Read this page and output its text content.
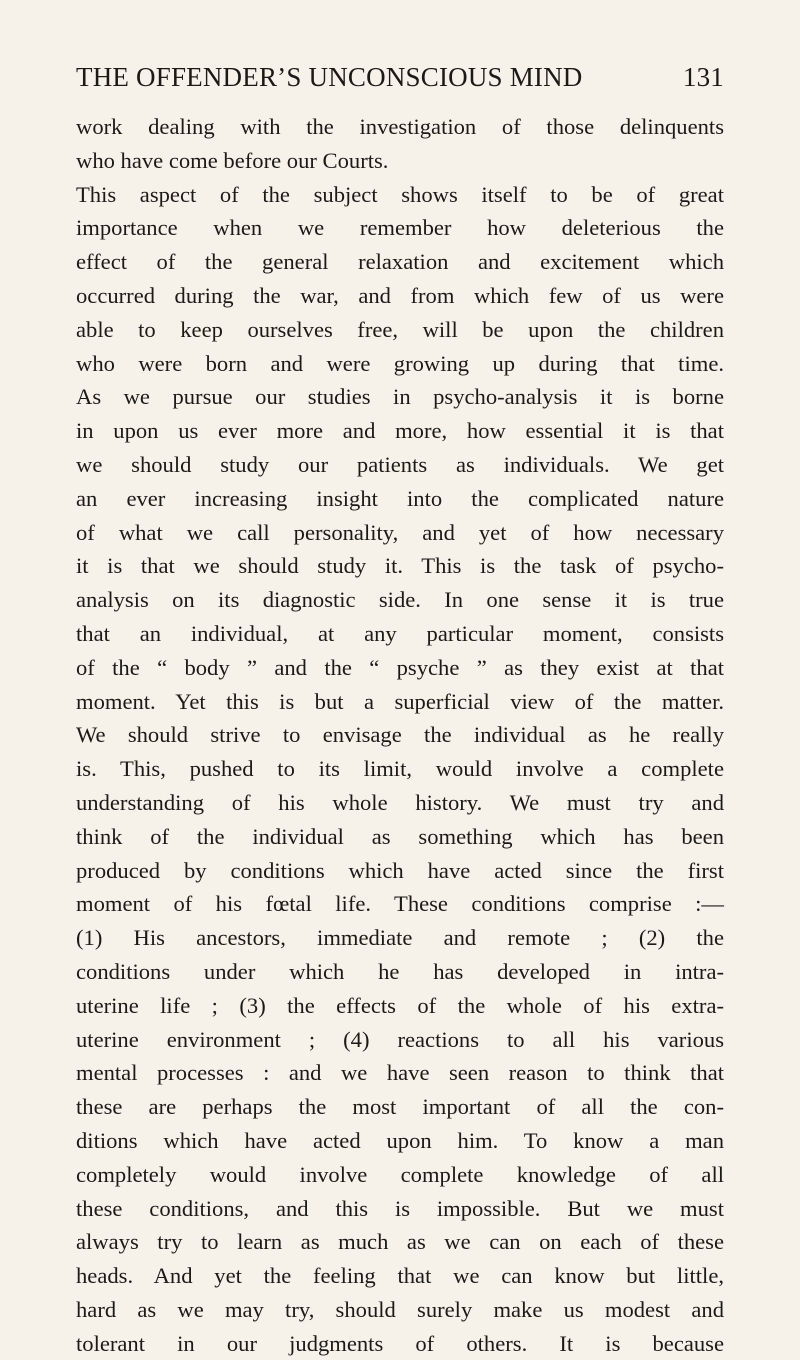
THE OFFENDER’S UNCONSCIOUS MIND	131
work dealing with the investigation of those delinquents
who have come before our Courts.
This aspect of the subject shows itself to be of great
importance when we remember how deleterious the
effect of the general relaxation and excitement which
occurred during the war, and from which few of us were
able to keep ourselves free, will be upon the children
who were born and were growing up during that time.
As we pursue our studies in psycho-analysis it is borne
in upon us ever more and more, how essential it is that
we should study our patients as individuals. We get
an ever increasing insight into the complicated nature
of what we call personality, and yet of how necessary
it is that we should study it. This is the task of psycho-
analysis on its diagnostic side. In one sense it is true
that an individual, at any particular moment, consists
of the “ body ” and the “ psyche ” as they exist at that
moment. Yet this is but a superficial view of the matter.
We should strive to envisage the individual as he really
is. This, pushed to its limit, would involve a complete
understanding of his whole history. We must try and
think of the individual as something which has been
produced by conditions which have acted since the first
moment of his fœtal life. These conditions comprise :—
(1) His ancestors, immediate and remote ; (2) the
conditions under which he has developed in intra-
uterine life ; (3) the effects of the whole of his extra-
uterine environment ; (4) reactions to all his various
mental processes : and we have seen reason to think that
these are perhaps the most important of all the con-
ditions which have acted upon him. To know a man
completely would involve complete knowledge of all
these conditions, and this is impossible. But we must
always try to learn as much as we can on each of these
heads. And yet the feeling that we can know but little,
hard as we may try, should surely make us modest and
tolerant in our judgments of others. It is because
